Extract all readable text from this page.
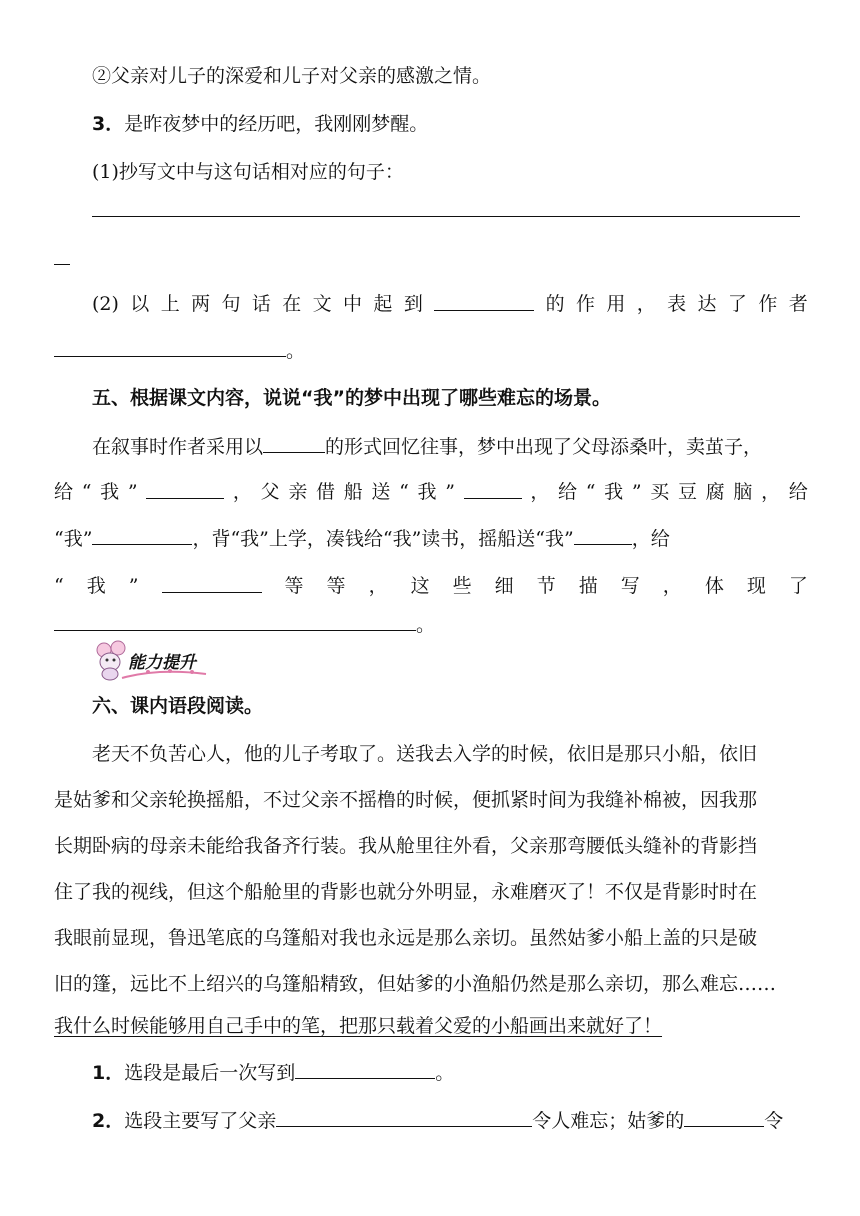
②父亲对儿子的深爱和儿子对父亲的感激之情。
3．是昨夜梦中的经历吧，我刚刚梦醒。
(1)抄写文中与这句话相对应的句子：
(2) 以 上 两 句 话 在 文 中 起 到	的 作 用 ， 表 达 了 作 者
。
五、根据课文内容，说说“我”的梦中出现了哪些难忘的场景。
在叙事时作者采用以	的形式回忆往事，梦中出现了父母添桑叶，卖茧子，
给 “ 我 ”	， 父 亲 借 船 送 “ 我 ”	， 给 “ 我 ” 买 豆 腐 脑 ， 给
“我”	，背“我”上学，凑钱给“我”读书，摇船送“我”	，给
“ 我 ”	等 等 ， 这 些 细 节 描 写 ， 体 现 了
。
能力提升
六、课内语段阅读。
老天不负苦心人，他的儿子考取了。送我去入学的时候，依旧是那只小船，依旧
是姑爹和父亲轮换摇船，不过父亲不摇橹的时候，便抓紧时间为我缝补棉被，因我那
长期卧病的母亲未能给我备齐行装。我从舱里往外看，父亲那弯腰低头缝补的背影挡
住了我的视线，但这个船舱里的背影也就分外明显，永难磨灭了！不仅是背影时时在
我眼前显现，鲁迅笔底的乌篷船对我也永远是那么亲切。虽然姑爹小船上盖的只是破
旧的篷，远比不上绍兴的乌篷船精致，但姑爹的小渔船仍然是那么亲切，那么难忘……
我什么时候能够用自己手中的笔，把那只载着父爱的小船画出来就好了！
1．选段是最后一次写到	。
2．选段主要写了父亲	令人难忘；姑爹的	令
